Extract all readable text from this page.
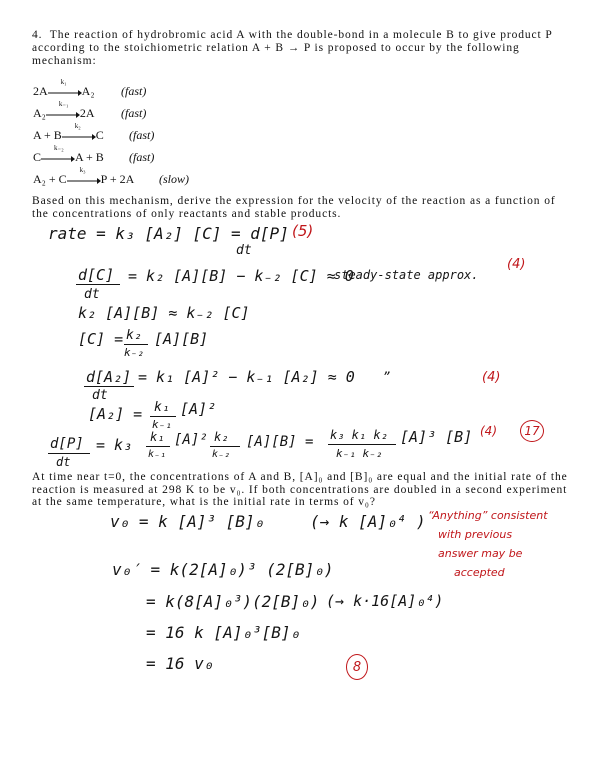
4. The reaction of hydrobromic acid A with the double-bond in a molecule B to give product P
according to the stoichiometric relation A + B → P is proposed to occur by the following
mechanism:
2A
k₁
A₂ (fast)
A₂
k₋₁
2A (fast)
A + B
k₂
C (fast)
C
k₋₂
A + B (fast)
A₂ + C
k₃
P + 2A (slow)
Based on this mechanism, derive the expression for the velocity of the reaction as a function of
the concentrations of only reactants and stable products.
rate = k₃ [A₂] [C] = d[P]
dt
(5)
d[C]
dt
= k₂ [A][B] − k₋₂ [C] ≈ 0
steady-state approx.
(4)
k₂ [A][B] ≈ k₋₂ [C]
[C] = k₂
k₋₂
[A][B]
d[A₂]
dt
= k₁ [A]² − k₋₁ [A₂] ≈ 0 ”	(4)
[A₂] = k₁
k₋₁
[A]²
d[P]
dt
= k₃ k₁
k₋₁
[A]² k₂
k₋₂
[A][B] = k₃ k₁ k₂
k₋₁ k₋₂
[A]³ [B] (4) 17
At time near t=0, the concentrations of A and B, [A]₀ and [B]₀ are equal and the initial rate of the
reaction is measured at 298 K to be v₀. If both concentrations are doubled in a second experiment
at the same temperature, what is the initial rate in terms of v₀?
v₀ = k [A]³ [B]₀	(→ k [A]₀⁴ ) “Anything” consistent
with previous
answer may be
accepted
v₀′ = k(2[A]₀)³ (2[B]₀)
= k(8[A]₀³)(2[B]₀) (→ k·16[A]₀⁴)
= 16 k [A]₀³[B]₀
= 16 v₀	8
